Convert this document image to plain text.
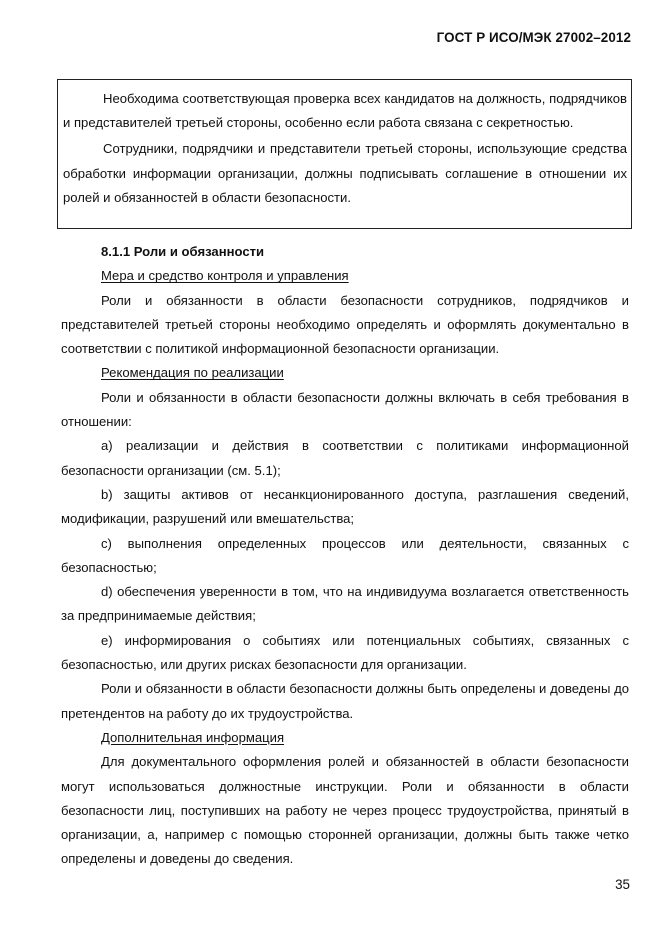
ГОСТ Р ИСО/МЭК 27002–2012

Необходима соответствующая проверка всех кандидатов на должность, подрядчиков и представителей третьей стороны, особенно если работа связана с секретностью.

Сотрудники, подрядчики и представители третьей стороны, использующие средства обработки информации организации, должны подписывать соглашение в отношении их ролей и обязанностей в области безопасности.

8.1.1 Роли и обязанности
Мера и средство контроля и управления

Роли и обязанности в области безопасности сотрудников, подрядчиков и представителей третьей стороны необходимо определять и оформлять документально в соответствии с политикой информационной безопасности организации.

Рекомендация по реализации

Роли и обязанности в области безопасности должны включать в себя требования в отношении:

a) реализации и действия в соответствии с политиками информационной безопасности организации (см. 5.1);

b) защиты активов от несанкционированного доступа, разглашения сведений, модификации, разрушений или вмешательства;

c) выполнения определенных процессов или деятельности, связанных с безопасностью;

d) обеспечения уверенности в том, что на индивидуума возлагается ответственность за предпринимаемые действия;

e) информирования о событиях или потенциальных событиях, связанных с безопасностью, или других рисках безопасности для организации.

Роли и обязанности в области безопасности должны быть определены и доведены до претендентов на работу до их трудоустройства.

Дополнительная информация

Для документального оформления ролей и обязанностей в области безопасности могут использоваться должностные инструкции. Роли и обязанности в области безопасности лиц, поступивших на работу не через процесс трудоустройства, принятый в организации, а, например с помощью сторонней организации, должны быть также четко определены и доведены до сведения.

35
